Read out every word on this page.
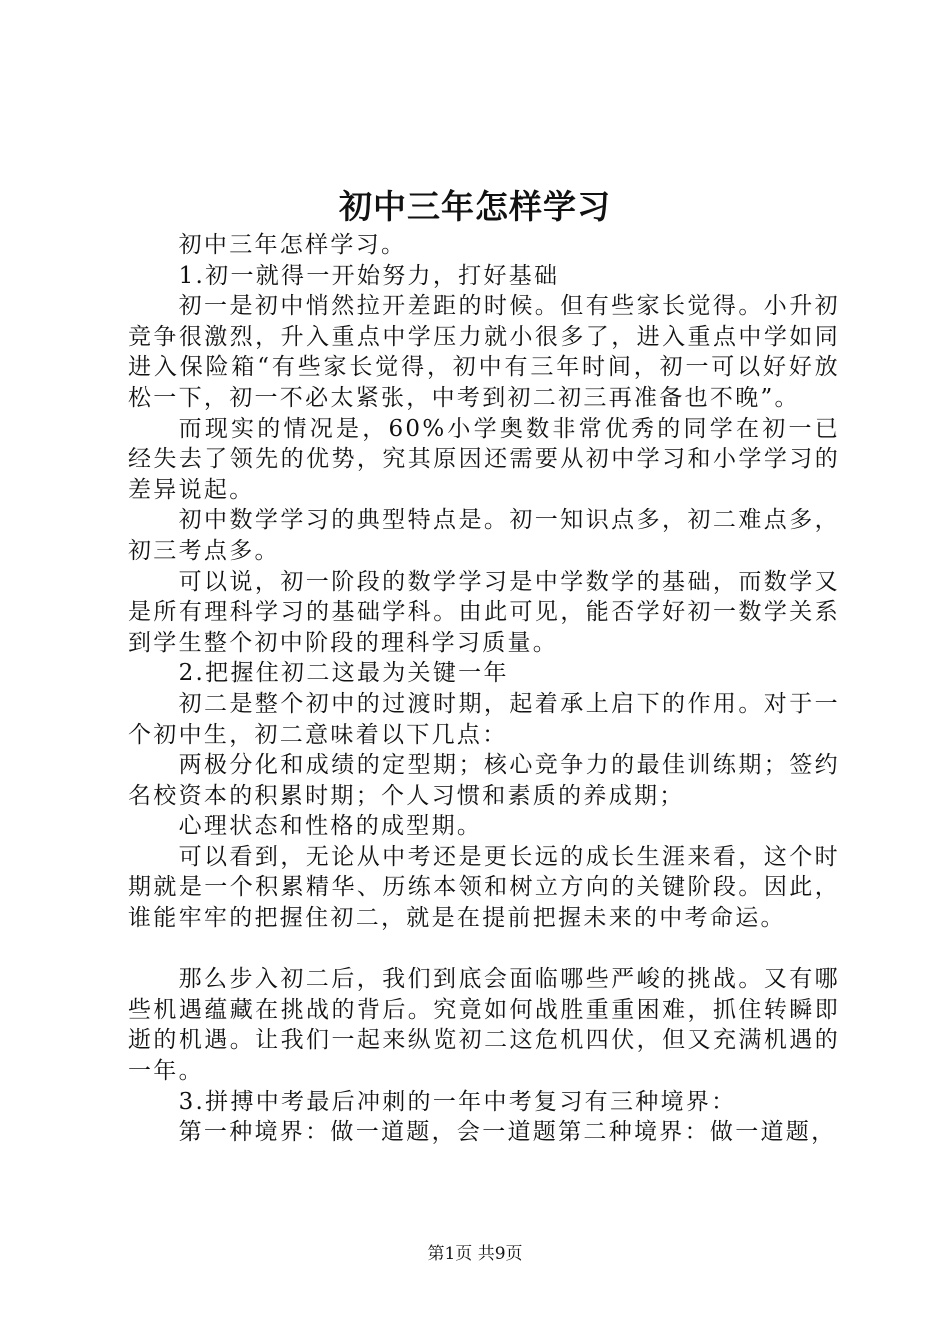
初中三年怎样学习

初中三年怎样学习。

1.初一就得一开始努力，打好基础

初一是初中悄然拉开差距的时候。但有些家长觉得。小升初竞争很激烈，升入重点中学压力就小很多了，进入重点中学如同进入保险箱“有些家长觉得，初中有三年时间，初一可以好好放松一下，初一不必太紧张，中考到初二初三再准备也不晚”。

而现实的情况是，60%小学奥数非常优秀的同学在初一已经失去了领先的优势，究其原因还需要从初中学习和小学学习的差异说起。

初中数学学习的典型特点是。初一知识点多，初二难点多，初三考点多。

可以说，初一阶段的数学学习是中学数学的基础，而数学又是所有理科学习的基础学科。由此可见，能否学好初一数学关系到学生整个初中阶段的理科学习质量。

2.把握住初二这最为关键一年

初二是整个初中的过渡时期，起着承上启下的作用。对于一个初中生，初二意味着以下几点：

两极分化和成绩的定型期；核心竞争力的最佳训练期；签约名校资本的积累时期；个人习惯和素质的养成期；

心理状态和性格的成型期。

可以看到，无论从中考还是更长远的成长生涯来看，这个时期就是一个积累精华、历练本领和树立方向的关键阶段。因此，谁能牢牢的把握住初二，就是在提前把握未来的中考命运。

那么步入初二后，我们到底会面临哪些严峻的挑战。又有哪些机遇蕴藏在挑战的背后。究竟如何战胜重重困难，抓住转瞬即逝的机遇。让我们一起来纵览初二这危机四伏，但又充满机遇的一年。

3.拼搏中考最后冲刺的一年中考复习有三种境界：

第一种境界：做一道题，会一道题第二种境界：做一道题，

第1页 共9页
